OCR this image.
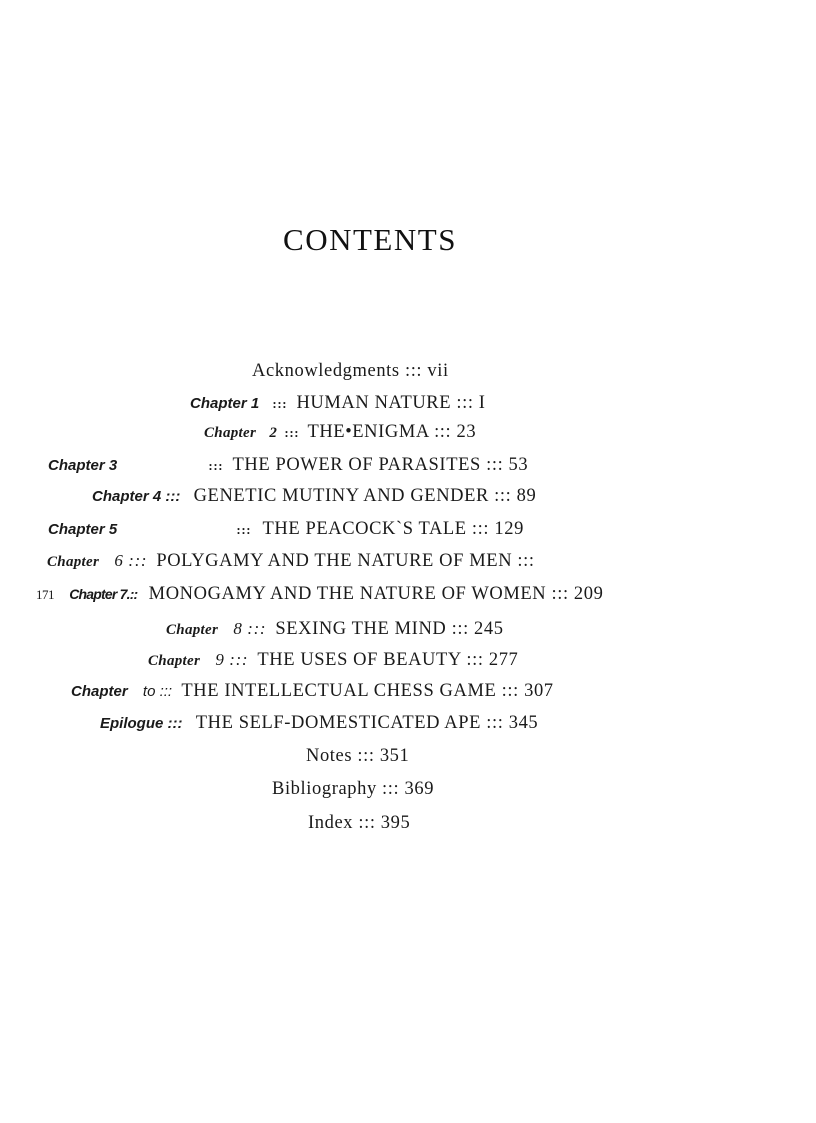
CONTENTS
Acknowledgments ::: vii
Chapter 1 ::: HUMAN NATURE ::: I
Chapter 2 ::: THE•ENIGMA ::: 23
Chapter 3	::: THE POWER OF PARASITES ::: 53
Chapter 4 ::: GENETIC MUTINY AND GENDER ::: 89
Chapter 5	::: THE PEACOCK`S TALE ::: 129
Chapter 6 ::: POLYGAMY AND THE NATURE OF MEN :::
171 Chapter 7.:: MONOGAMY AND THE NATURE OF WOMEN ::: 209
Chapter 8 ::: SEXING THE MIND ::: 245
Chapter 9 ::: THE USES OF BEAUTY ::: 277
Chapter to ::: THE INTELLECTUAL CHESS GAME ::: 307
Epilogue ::: THE SELF-DOMESTICATED APE ::: 345
Notes ::: 351
Bibliography ::: 369
Index ::: 395
